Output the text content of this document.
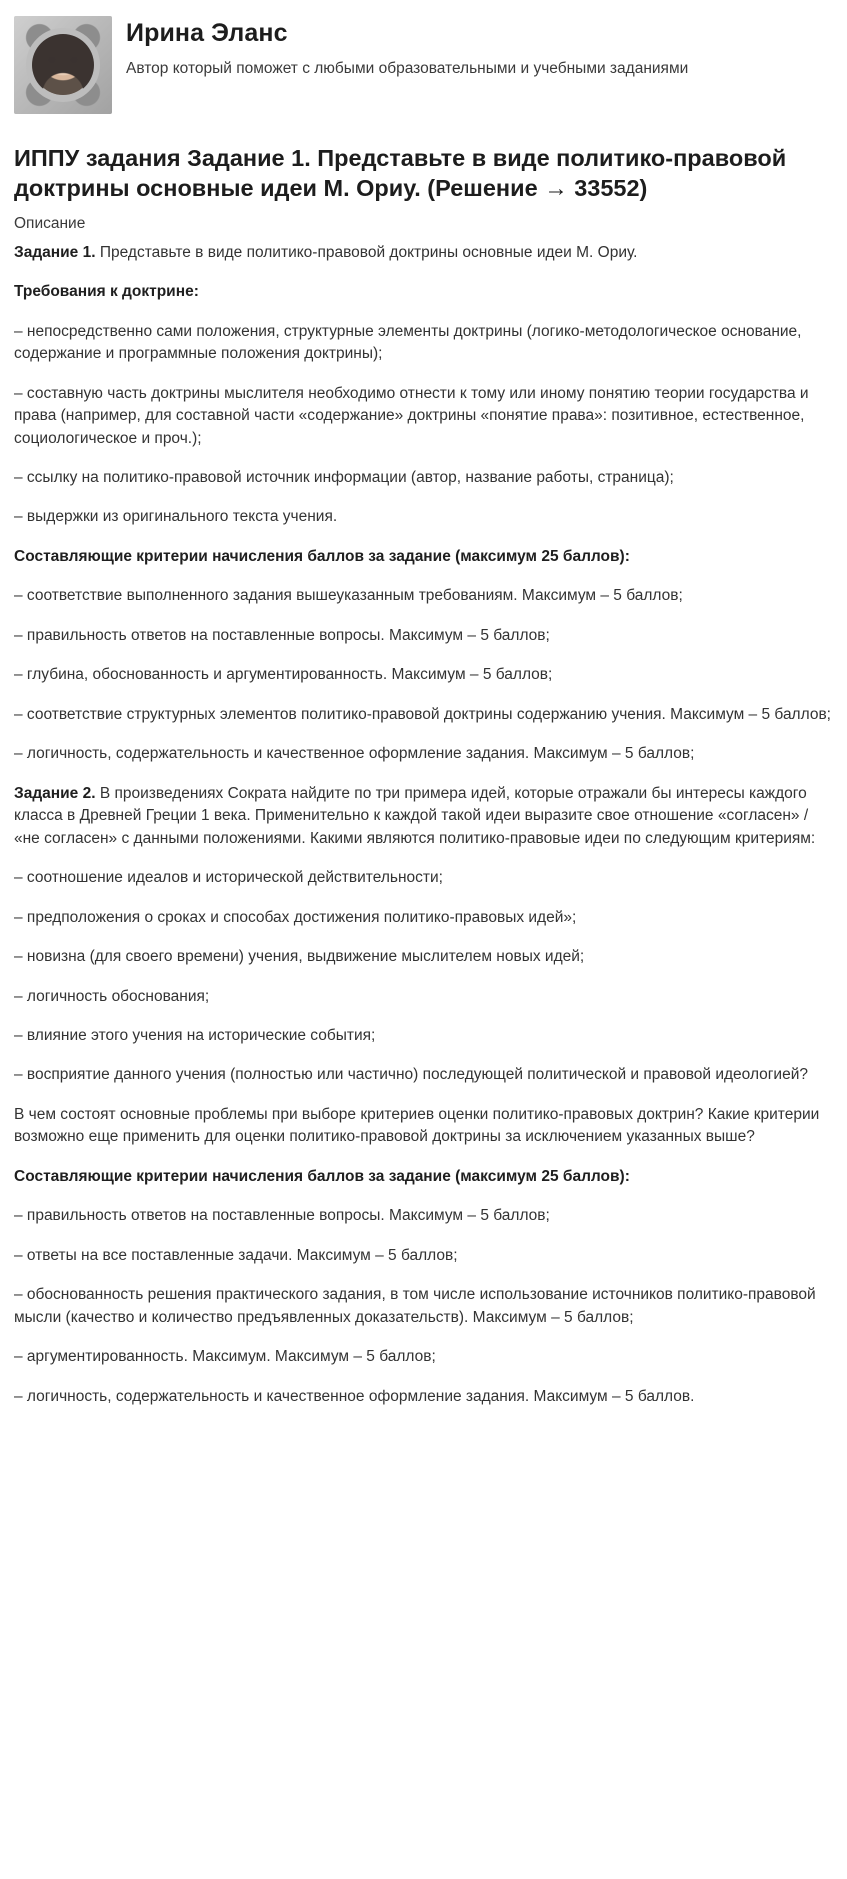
Ирина Эланс
Автор который поможет с любыми образовательными и учебными заданиями
ИППУ задания Задание 1. Представьте в виде политико-правовой доктрины основные идеи М. Ориу. (Решение → 33552)
Описание

Задание 1. Представьте в виде политико-правовой доктрины основные идеи М. Ориу.

Требования к доктрине:

– непосредственно сами положения, структурные элементы доктрины (логико-методологическое основание, содержание и программные положения доктрины);

– составную часть доктрины мыслителя необходимо отнести к тому или иному понятию теории государства и права (например, для составной части «содержание» доктрины «понятие права»: позитивное, естественное, социологическое и проч.);

– ссылку на политико-правовой источник информации (автор, название работы, страница);

– выдержки из оригинального текста учения.

Составляющие критерии начисления баллов за задание (максимум 25 баллов):

– соответствие выполненного задания вышеуказанным требованиям. Максимум – 5 баллов;

– правильность ответов на поставленные вопросы. Максимум – 5 баллов;

– глубина, обоснованность и аргументированность. Максимум – 5 баллов;

– соответствие структурных элементов политико-правовой доктрины содержанию учения. Максимум – 5 баллов;

– логичность, содержательность и качественное оформление задания. Максимум – 5 баллов;

Задание 2. В произведениях Сократа найдите по три примера идей, которые отражали бы интересы каждого класса в Древней Греции 1 века. Применительно к каждой такой идеи выразите свое отношение «согласен» / «не согласен» с данными положениями. Какими являются политико-правовые идеи по следующим критериям:

– соотношение идеалов и исторической действительности;

– предположения о сроках и способах достижения политико-правовых идей»;

– новизна (для своего времени) учения, выдвижение мыслителем новых идей;

– логичность обоснования;

– влияние этого учения на исторические события;

– восприятие данного учения (полностью или частично) последующей политической и правовой идеологией?

В чем состоят основные проблемы при выборе критериев оценки политико-правовых доктрин? Какие критерии возможно еще применить для оценки политико-правовой доктрины за исключением указанных выше?

Составляющие критерии начисления баллов за задание (максимум 25 баллов):

– правильность ответов на поставленные вопросы. Максимум – 5 баллов;

– ответы на все поставленные задачи. Максимум – 5 баллов;

– обоснованность решения практического задания, в том числе использование источников политико-правовой мысли (качество и количество предъявленных доказательств). Максимум – 5 баллов;

– аргументированность. Максимум. Максимум – 5 баллов;

– логичность, содержательность и качественное оформление задания. Максимум – 5 баллов.
